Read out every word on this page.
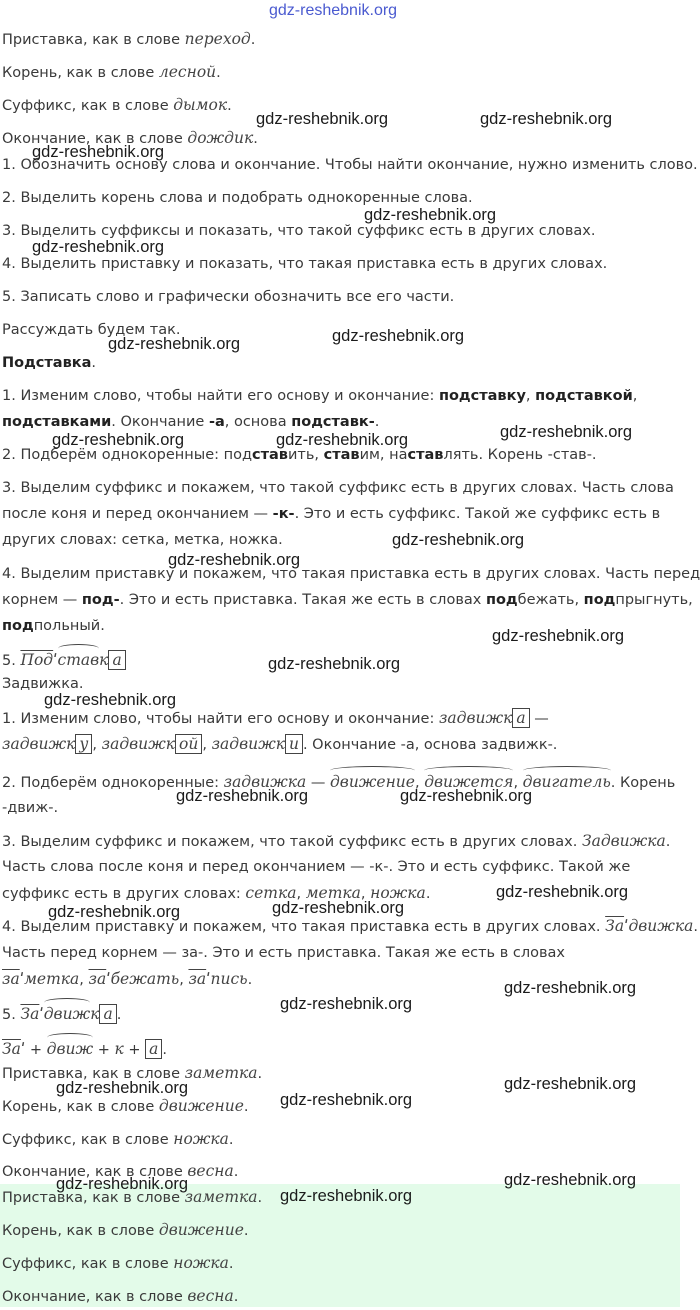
gdz-reshebnik.org
Приставка, как в слове переход.
Корень, как в слове лесной.
Суффикс, как в слове дымок.
Окончание, как в слове дождик.
1. Обозначить основу слова и окончание. Чтобы найти окончание, нужно изменить слово.
2. Выделить корень слова и подобрать однокоренные слова.
3. Выделить суффиксы и показать, что такой суффикс есть в других словах.
4. Выделить приставку и показать, что такая приставка есть в других словах.
5. Записать слово и графически обозначить все его части.
Рассуждать будем так.
Подставка.
1. Изменим слово, чтобы найти его основу и окончание: подставку, подставкой,
подставками. Окончание -а, основа подставк-.
2. Подберём однокоренные: подставить, ставим, наставлять. Корень -став-.
3. Выделим суффикс и покажем, что такой суффикс есть в других словах. Часть слова
после коня и перед окончанием — -к-. Это и есть суффикс. Такой же суффикс есть в
других словах: сетка, метка, ножка.
4. Выделим приставку и покажем, что такая приставка есть в других словах. Часть перед
корнем — под-. Это и есть приставка. Такая же есть в словах подбежать, подпрыгнуть,
подпольный.
5. Подˈставк а
Задвижка.
1. Изменим слово, чтобы найти его основу и окончание: задвижк а —
задвижк у , задвижк ой , задвижк и . Окончание -а, основа задвижк-.
2. Подберём однокоренные: задвижка — движение, движется, двигатель. Корень
-движ-.
3. Выделим суффикс и покажем, что такой суффикс есть в других словах. Задвижка.
Часть слова после коня и перед окончанием — -к-. Это и есть суффикс. Такой же
суффикс есть в других словах: сетка, метка, ножка.
4. Выделим приставку и покажем, что такая приставка есть в других словах. Заˈдвижка.
Часть перед корнем — за-. Это и есть приставка. Такая же есть в словах
заˈметка, заˈбежать, заˈпись.
5. Заˈдвижк а .
Заˈ + движ + к + а .
Приставка, как в слове заметка.
Корень, как в слове движение.
Суффикс, как в слове ножка.
Окончание, как в слове весна.
Приставка, как в слове заметка.
Корень, как в слове движение.
Суффикс, как в слове ножка.
Окончание, как в слове весна.
gdz-reshebnik.org	gdz-reshebnik.org
gdz-reshebnik.org
gdz-reshebnik.org
gdz-reshebnik.org
gdz-reshebnik.org
gdz-reshebnik.org
gdz-reshebnik.org
gdz-reshebnik.org	gdz-reshebnik.org
gdz-reshebnik.org
gdz-reshebnik.org
gdz-reshebnik.org
gdz-reshebnik.org
gdz-reshebnik.org
gdz-reshebnik.org	gdz-reshebnik.org
gdz-reshebnik.org
gdz-reshebnik.org
gdz-reshebnik.org
gdz-reshebnik.org
gdz-reshebnik.org
gdz-reshebnik.org	gdz-reshebnik.org
gdz-reshebnik.org
gdz-reshebnik.org
gdz-reshebnik.org
gdz-reshebnik.org
